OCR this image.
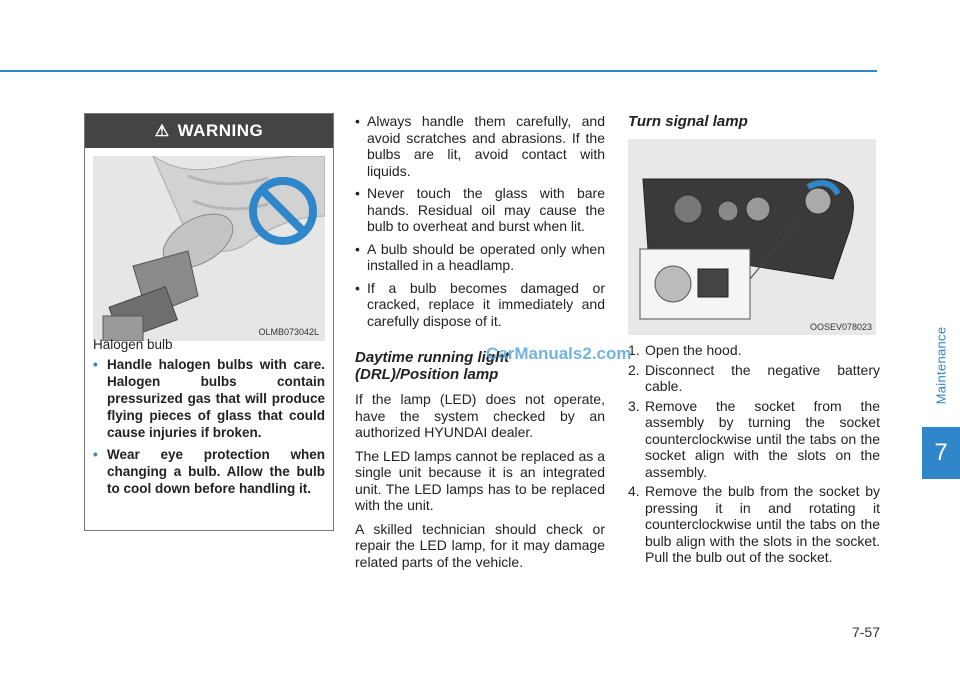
Maintenance
7
7-57
⚠ WARNING
OLMB073042L

Halogen bulb

• Handle halogen bulbs with care. Halogen bulbs contain pressurized gas that will produce flying pieces of glass that could cause injuries if broken.

• Wear eye protection when changing a bulb. Allow the bulb to cool down before handling it.

• Always handle them carefully, and avoid scratches and abrasions. If the bulbs are lit, avoid contact with liquids.

• Never touch the glass with bare hands. Residual oil may cause the bulb to overheat and burst when lit.

• A bulb should be operated only when installed in a headlamp.

• If a bulb becomes damaged or cracked, replace it immediately and carefully dispose of it.

Daytime running light (DRL)/Position lamp

If the lamp (LED) does not operate, have the system checked by an authorized HYUNDAI dealer.

The LED lamps cannot be replaced as a single unit because it is an integrated unit. The LED lamps has to be replaced with the unit.

A skilled technician should check or repair the LED lamp, for it may damage related parts of the vehicle.

Turn signal lamp

OOSEV078023

1. Open the hood.

2. Disconnect the negative battery cable.

3. Remove the socket from the assembly by turning the socket counterclockwise until the tabs on the socket align with the slots on the assembly.

4. Remove the bulb from the socket by pressing it in and rotating it counterclockwise until the tabs on the bulb align with the slots in the socket. Pull the bulb out of the socket.

CarManuals2.com
